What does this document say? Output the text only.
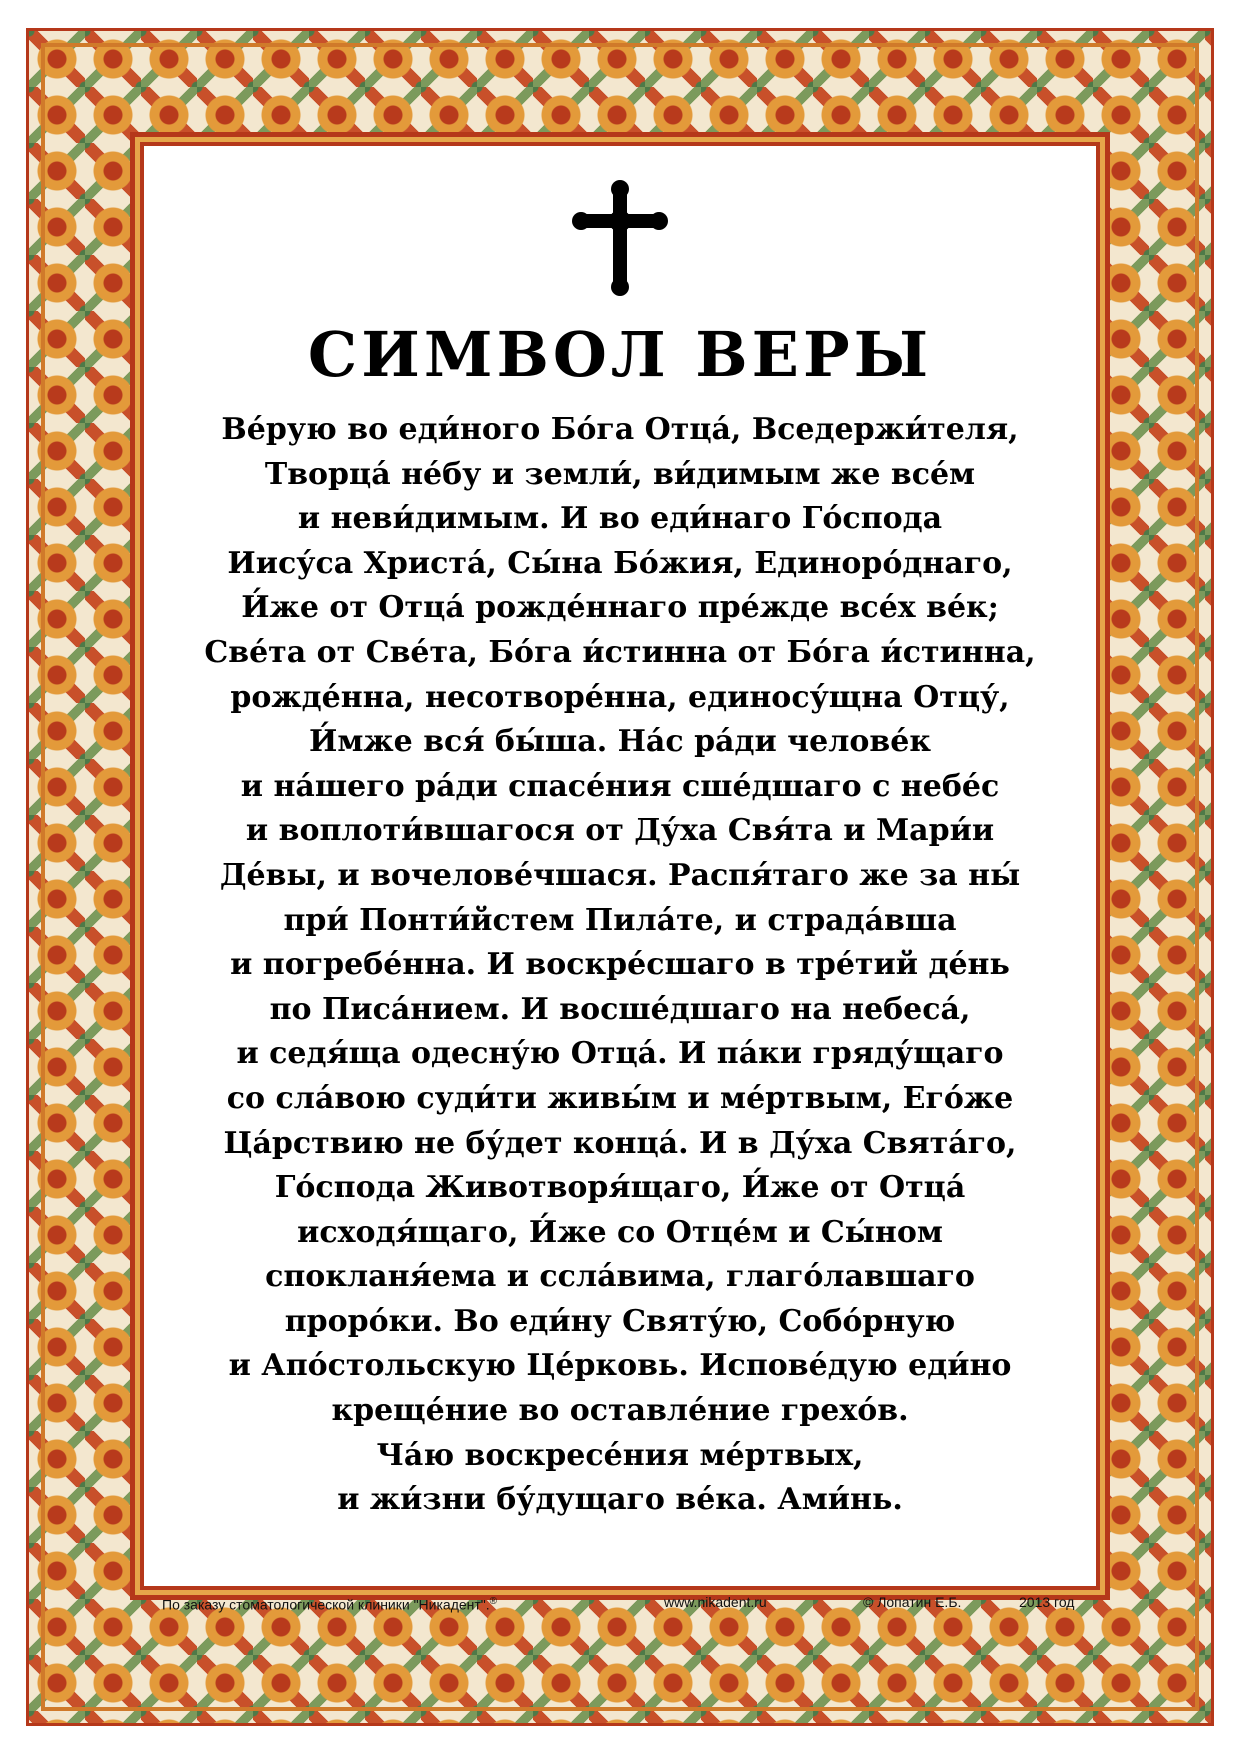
СИМВОЛ ВЕРЫ
Ве́рую во еди́ного Бо́га Отца́, Вседержи́теля,
Творца́ не́бу и земли́, ви́димым же все́м
и неви́димым. И во еди́наго Го́спода
Иису́са Христа́, Сы́на Бо́жия, Единоро́днаго,
И́же от Отца́ рожде́ннаго пре́жде все́х ве́к;
Све́та от Све́та, Бо́га и́стинна от Бо́га и́стинна,
рожде́нна, несотворе́нна, единосу́щна Отцу́,
И́мже вся́ бы́ша. На́с ра́ди челове́к
и на́шего ра́ди спасе́ния сше́дшаго с небе́с
и воплоти́вшагося от Ду́ха Свя́та и Мари́и
Де́вы, и вочелове́чшася. Распя́таго же за ны́
при́ Понти́йстем Пила́те, и страда́вша
и погребе́нна. И воскре́сшаго в тре́тий де́нь
по Писа́нием. И восше́дшаго на небеса́,
и седя́ща одесну́ю Отца́. И па́ки гряду́щаго
со сла́вою суди́ти живы́м и ме́ртвым, Его́же
Ца́рствию не бу́дет конца́. И в Ду́ха Свята́го,
Го́спода Животворя́щаго, И́же от Отца́
исходя́щаго, И́же со Отце́м и Сы́ном
спокланя́ема и ссла́вима, глаго́лавшаго
проро́ки. Во еди́ну Святу́ю, Собо́рную
и Апо́стольскую Це́рковь. Испове́дую еди́но
креще́ние во оставле́ние грехо́в.
Ча́ю воскресе́ния ме́ртвых,
и жи́зни бу́дущаго ве́ка. Ами́нь.
По заказу стоматологической клиники "Никадент".®	www.nikadent.ru	© Лопатин Е.Б.	2013 год
